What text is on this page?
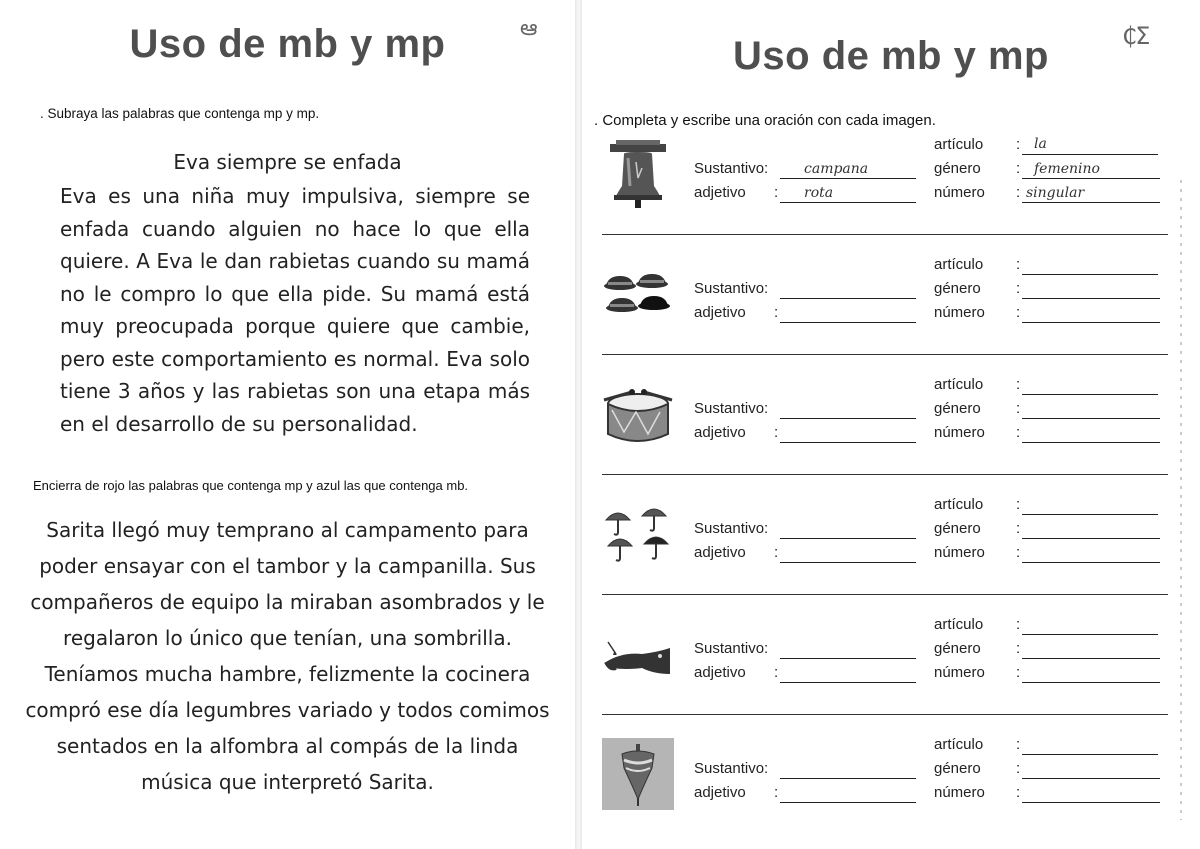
Uso de mb y mp	ఆ
. Subraya las palabras que contenga mp y mp.
Eva siempre se enfada
Eva es una niña muy impulsiva, siempre se enfada cuando alguien no hace lo que ella quiere. A Eva le dan rabietas cuando su mamá no le compro lo que ella pide. Su mamá está muy preocupada porque quiere que cambie, pero este comportamiento es normal. Eva solo tiene 3 años y las rabietas son una etapa más en el desarrollo de su personalidad.
Encierra de rojo las palabras que contenga mp y azul las que contenga mb.
Sarita llegó muy temprano al campamento para poder ensayar con el tambor y la campanilla. Sus compañeros de equipo la miraban asombrados y le regalaron lo único que tenían, una sombrilla. Teníamos mucha hambre, felizmente la cocinera compró ese día legumbres variado y todos comimos sentados en la alfombra al compás de la linda música que interpretó Sarita.
Uso de mb y mp	₵ⵉ
. Completa y escribe una oración con cada imagen.
Sustantivo:	campana
adjetivo : rota
artículo : la
género : femenino
número : singular
Sustantivo:
adjetivo :
artículo :
género :
número :
Sustantivo:
adjetivo :
artículo :
género :
número :
Sustantivo:
adjetivo :
artículo :
género :
número :
Sustantivo:
adjetivo :
artículo :
género :
número :
Sustantivo:
adjetivo :
artículo :
género :
número :
